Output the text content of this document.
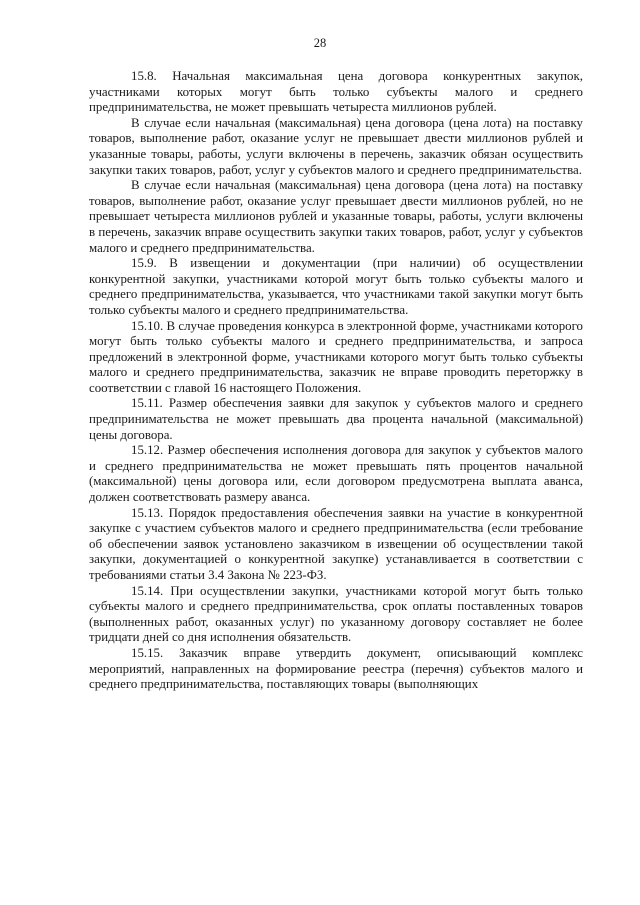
28

15.8. Начальная максимальная цена договора конкурентных закупок, участниками которых могут быть только субъекты малого и среднего предпринимательства, не может превышать четыреста миллионов рублей.

В случае если начальная (максимальная) цена договора (цена лота) на поставку товаров, выполнение работ, оказание услуг не превышает двести миллионов рублей и указанные товары, работы, услуги включены в перечень, заказчик обязан осуществить закупки таких товаров, работ, услуг у субъектов малого и среднего предпринимательства.

В случае если начальная (максимальная) цена договора (цена лота) на поставку товаров, выполнение работ, оказание услуг превышает двести миллионов рублей, но не превышает четыреста миллионов рублей и указанные товары, работы, услуги включены в перечень, заказчик вправе осуществить закупки таких товаров, работ, услуг у субъектов малого и среднего предпринимательства.

15.9. В извещении и документации (при наличии) об осуществлении конкурентной закупки, участниками которой могут быть только субъекты малого и среднего предпринимательства, указывается, что участниками такой закупки могут быть только субъекты малого и среднего предпринимательства.

15.10. В случае проведения конкурса в электронной форме, участниками которого могут быть только субъекты малого и среднего предпринимательства, и запроса предложений в электронной форме, участниками которого могут быть только субъекты малого и среднего предпринимательства, заказчик не вправе проводить переторжку в соответствии с главой 16 настоящего Положения.

15.11. Размер обеспечения заявки для закупок у субъектов малого и среднего предпринимательства не может превышать два процента начальной (максимальной) цены договора.

15.12. Размер обеспечения исполнения договора для закупок у субъектов малого и среднего предпринимательства не может превышать пять процентов начальной (максимальной) цены договора или, если договором предусмотрена выплата аванса, должен соответствовать размеру аванса.

15.13. Порядок предоставления обеспечения заявки на участие в конкурентной закупке с участием субъектов малого и среднего предпринимательства (если требование об обеспечении заявок установлено заказчиком в извещении об осуществлении такой закупки, документацией о конкурентной закупке) устанавливается в соответствии с требованиями статьи 3.4 Закона № 223-ФЗ.

15.14. При осуществлении закупки, участниками которой могут быть только субъекты малого и среднего предпринимательства, срок оплаты поставленных товаров (выполненных работ, оказанных услуг) по указанному договору составляет не более тридцати дней со дня исполнения обязательств.

15.15. Заказчик вправе утвердить документ, описывающий комплекс мероприятий, направленных на формирование реестра (перечня) субъектов малого и среднего предпринимательства, поставляющих товары (выполняющих
